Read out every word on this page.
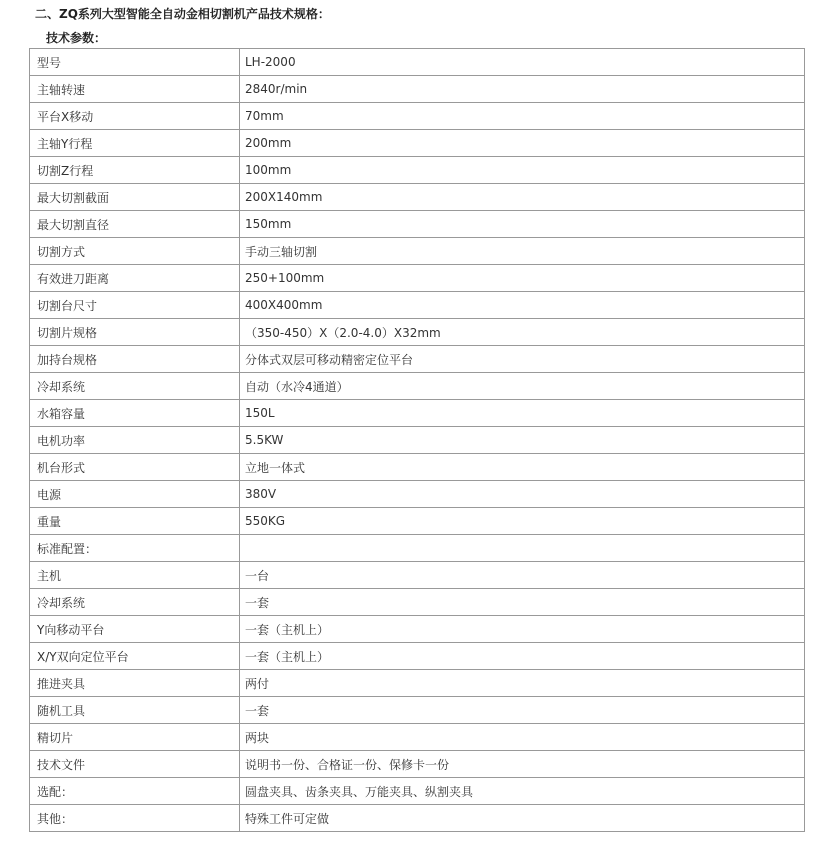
二、ZQ系列大型智能全自动金相切割机产品技术规格：
技术参数：
型号	LH-2000
主轴转速	2840r/min
平台X移动	70mm
主轴Y行程	200mm
切割Z行程	100mm
最大切割截面	200X140mm
最大切割直径	150mm
切割方式	手动三轴切割
有效进刀距离	250+100mm
切割台尺寸	400X400mm
切割片规格	（350-450）X（2.0-4.0）X32mm
加持台规格	分体式双层可移动精密定位平台
冷却系统	自动（水冷4通道）
水箱容量	150L
电机功率	5.5KW
机台形式	立地一体式
电源	380V
重量	550KG
标准配置：	
主机	一台
冷却系统	一套
Y向移动平台	一套（主机上）
X/Y双向定位平台	一套（主机上）
推进夹具	两付
随机工具	一套
精切片	两块
技术文件	说明书一份、合格证一份、保修卡一份
选配：	圆盘夹具、齿条夹具、万能夹具、纵割夹具
其他：	特殊工件可定做
